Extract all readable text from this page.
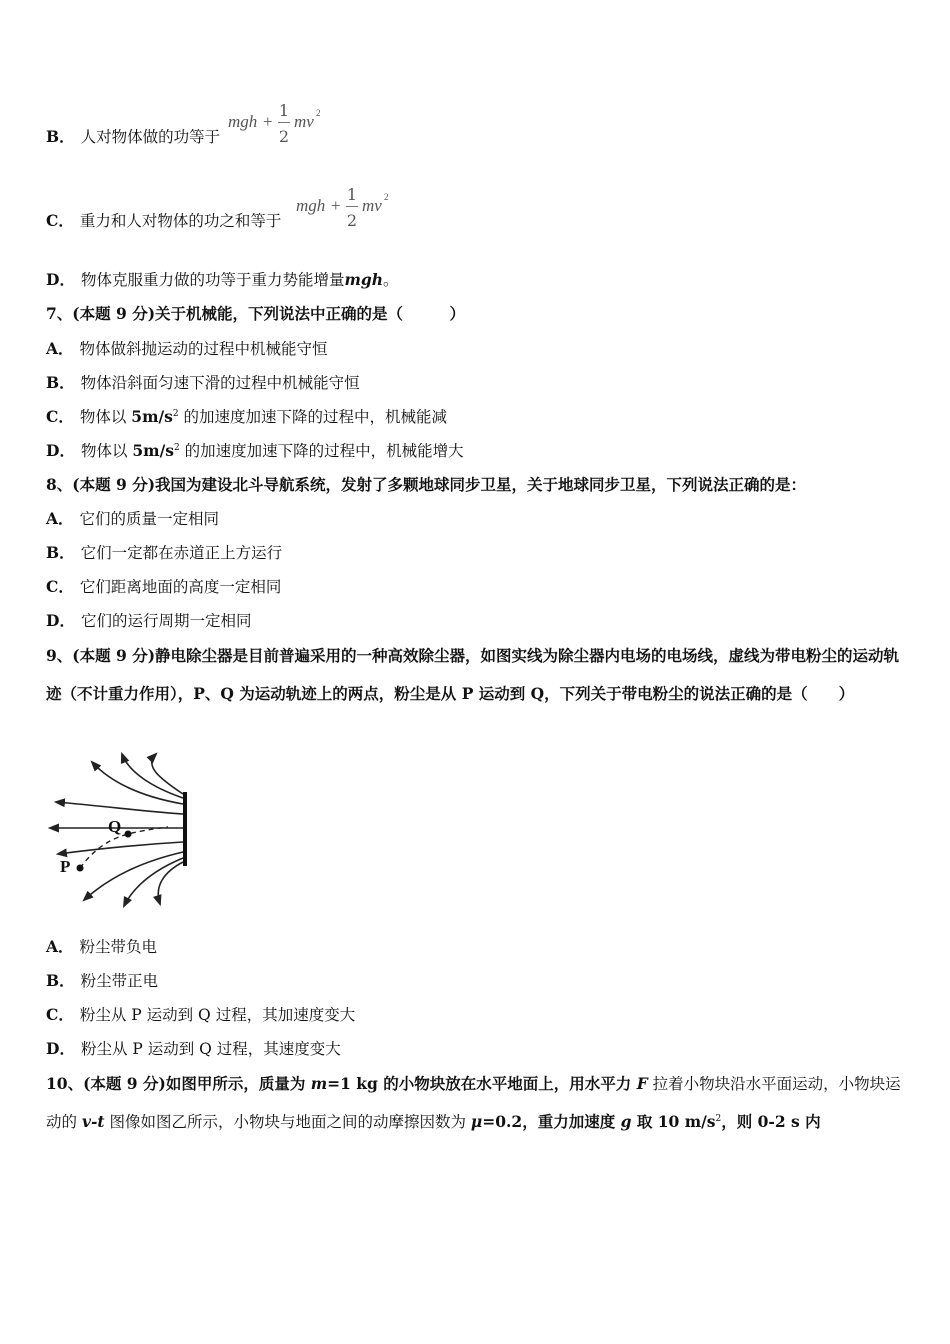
B． 人对物体做的功等于
mgh +
1
2
mv 2
C． 重力和人对物体的功之和等于
mgh +
1
2
mv 2
D． 物体克服重力做的功等于重力势能增量mgh。
7、(本题 9 分)关于机械能，下列说法中正确的是（　　　）
A． 物体做斜抛运动的过程中机械能守恒
B． 物体沿斜面匀速下滑的过程中机械能守恒
C． 物体以 $5m/s^2$ 的加速度加速下降的过程中，机械能减
D． 物体以 $5m/s^2$ 的加速度加速下降的过程中，机械能增大
8、(本题 9 分)我国为建设北斗导航系统，发射了多颗地球同步卫星，关于地球同步卫星，下列说法正确的是：
A． 它们的质量一定相同
B． 它们一定都在赤道正上方运行
C． 它们距离地面的高度一定相同
D． 它们的运行周期一定相同
9、(本题 9 分)静电除尘器是目前普遍采用的一种高效除尘器，如图实线为除尘器内电场的电场线，虚线为带电粉尘的运动轨迹（不计重力作用），P、Q 为运动轨迹上的两点，粉尘是从 P 运动到 Q，下列关于带电粉尘的说法正确的是（　　）
P
Q
A． 粉尘带负电
B． 粉尘带正电
C． 粉尘从 P 运动到 Q 过程，其加速度变大
D． 粉尘从 P 运动到 Q 过程，其速度变大
10、(本题 9 分)如图甲所示，质量为 m=1 kg 的小物块放在水平地面上，用水平力 F 拉着小物块沿水平面运动，小物块运动的 v-t 图像如图乙所示，小物块与地面之间的动摩擦因数为 μ=0.2，重力加速度 g 取 10 $m/s^2$，则 0-2 s 内
